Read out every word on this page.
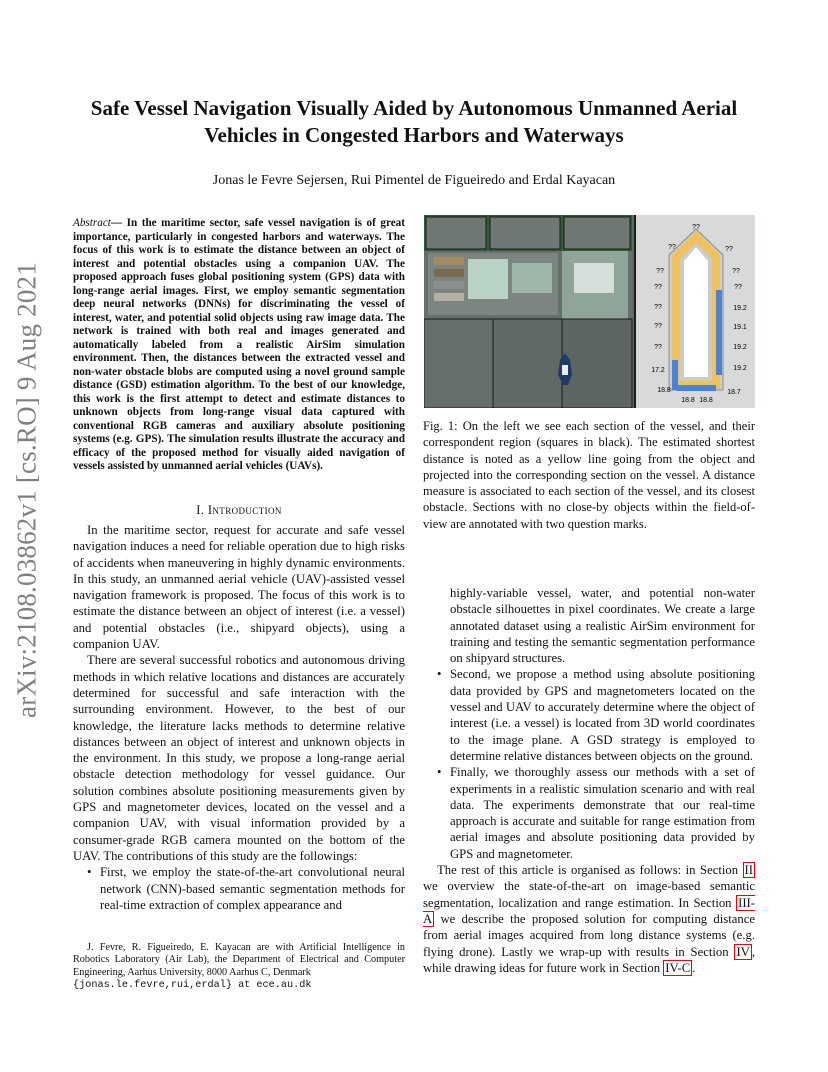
arXiv:2108.03862v1 [cs.RO] 9 Aug 2021
Safe Vessel Navigation Visually Aided by Autonomous Unmanned Aerial Vehicles in Congested Harbors and Waterways
Jonas le Fevre Sejersen, Rui Pimentel de Figueiredo and Erdal Kayacan
Abstract— In the maritime sector, safe vessel navigation is of great importance, particularly in congested harbors and waterways. The focus of this work is to estimate the distance between an object of interest and potential obstacles using a companion UAV. The proposed approach fuses global positioning system (GPS) data with long-range aerial images. First, we employ semantic segmentation deep neural networks (DNNs) for discriminating the vessel of interest, water, and potential solid objects using raw image data. The network is trained with both real and images generated and automatically labeled from a realistic AirSim simulation environment. Then, the distances between the extracted vessel and non-water obstacle blobs are computed using a novel ground sample distance (GSD) estimation algorithm. To the best of our knowledge, this work is the first attempt to detect and estimate distances to unknown objects from long-range visual data captured with conventional RGB cameras and auxiliary absolute positioning systems (e.g. GPS). The simulation results illustrate the accuracy and efficacy of the proposed method for visually aided navigation of vessels assisted by unmanned aerial vehicles (UAVs).
I. Introduction

In the maritime sector, request for accurate and safe vessel navigation induces a need for reliable operation due to high risks of accidents when maneuvering in highly dynamic environments. In this study, an unmanned aerial vehicle (UAV)-assisted vessel navigation framework is proposed. The focus of this work is to estimate the distance between an object of interest (i.e. a vessel) and potential obstacles (i.e., shipyard objects), using a companion UAV.

There are several successful robotics and autonomous driving methods in which relative locations and distances are accurately determined for successful and safe interaction with the surrounding environment. However, to the best of our knowledge, the literature lacks methods to determine relative distances between an object of interest and unknown objects in the environment. In this study, we propose a long-range aerial obstacle detection methodology for vessel guidance. Our solution combines absolute positioning measurements given by GPS and magnetometer devices, located on the vessel and a companion UAV, with visual information provided by a consumer-grade RGB camera mounted on the bottom of the UAV. The contributions of this study are the followings:

• First, we employ the state-of-the-art convolutional neural network (CNN)-based semantic segmentation methods for real-time extraction of complex appearance and

J. Fevre, R. Figueiredo, E. Kayacan are with Artificial Intelligence in Robotics Laboratory (Air Lab), the Department of Electrical and Computer Engineering, Aarhus University, 8000 Aarhus C, Denmark

{jonas.le.fevre,rui,erdal} at ece.au.dk
??
??	??
??	??
??	??
??	19.2
??	19.1
??	19.2
17.2	19.2
18.8	18.7
18.8 18.8
Fig. 1: On the left we see each section of the vessel, and their correspondent region (squares in black). The estimated shortest distance is noted as a yellow line going from the object and projected into the corresponding section on the vessel. A distance measure is associated to each section of the vessel, and its closest obstacle. Sections with no close-by objects within the field-of-view are annotated with two question marks.

highly-variable vessel, water, and potential non-water obstacle silhouettes in pixel coordinates. We create a large annotated dataset using a realistic AirSim environment for training and testing the semantic segmentation performance on shipyard structures.

• Second, we propose a method using absolute positioning data provided by GPS and magnetometers located on the vessel and UAV to accurately determine where the object of interest (i.e. a vessel) is located from 3D world coordinates to the image plane. A GSD strategy is employed to determine relative distances between objects on the ground.

• Finally, we thoroughly assess our methods with a set of experiments in a realistic simulation scenario and with real data. The experiments demonstrate that our real-time approach is accurate and suitable for range estimation from aerial images and absolute positioning data provided by GPS and magnetometer.

The rest of this article is organised as follows: in Section II we overview the state-of-the-art on image-based semantic segmentation, localization and range estimation. In Section III-A we describe the proposed solution for computing distance from aerial images acquired from long distance systems (e.g. flying drone). Lastly we wrap-up with results in Section IV , while drawing ideas for future work in Section IV-C .
